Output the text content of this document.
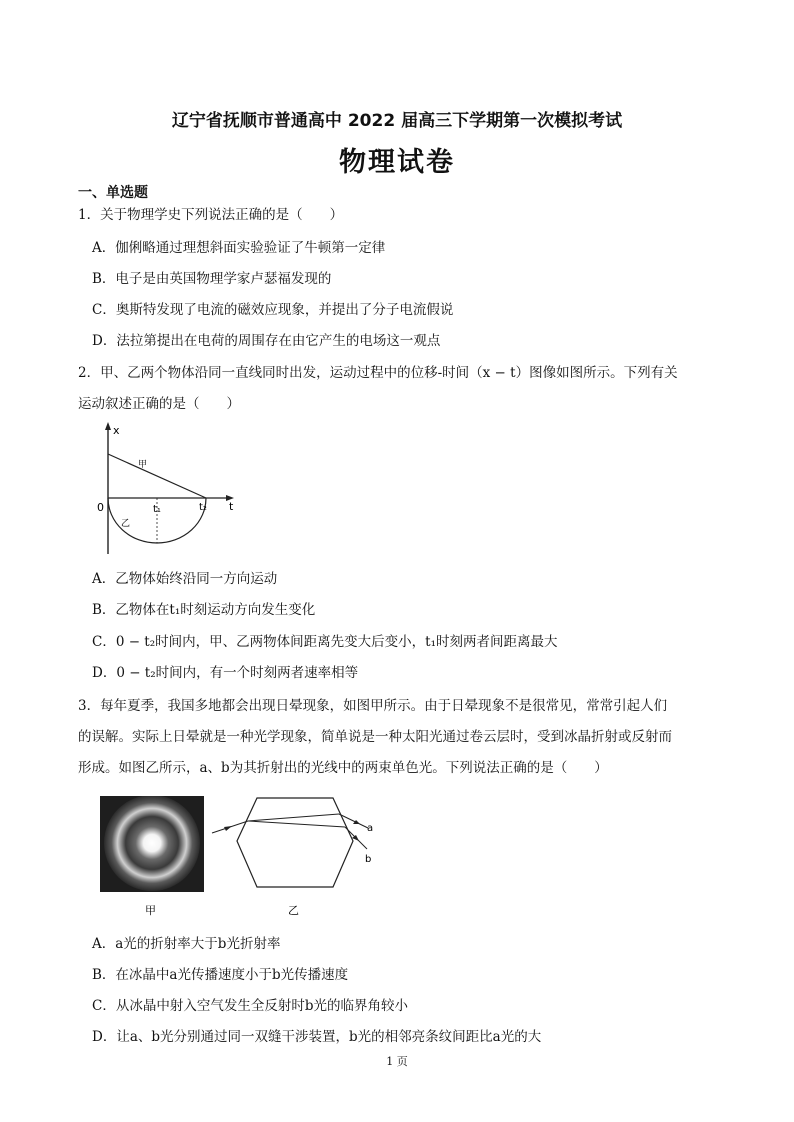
辽宁省抚顺市普通高中 2022 届高三下学期第一次模拟考试
物理试卷
一、单选题
1．关于物理学史下列说法正确的是（　　）
A．伽俐略通过理想斜面实验验证了牛顿第一定律
B．电子是由英国物理学家卢瑟福发现的
C．奥斯特发现了电流的磁效应现象，并提出了分子电流假说
D．法拉第提出在电荷的周围存在由它产生的电场这一观点
2．甲、乙两个物体沿同一直线同时出发，运动过程中的位移-时间（x − t）图像如图所示。下列有关
运动叙述正确的是（　　）
x
0	t
t₁	t₂
甲
乙
A．乙物体始终沿同一方向运动
B．乙物体在t₁时刻运动方向发生变化
C．0 − t₂时间内，甲、乙两物体间距离先变大后变小，t₁时刻两者间距离最大
D．0 − t₂时间内，有一个时刻两者速率相等
3．每年夏季，我国多地都会出现日晕现象，如图甲所示。由于日晕现象不是很常见，常常引起人们
的误解。实际上日晕就是一种光学现象，简单说是一种太阳光通过卷云层时，受到冰晶折射或反射而
形成。如图乙所示，a、b为其折射出的光线中的两束单色光。下列说法正确的是（　　）
甲
a
b
乙
A．a光的折射率大于b光折射率
B．在冰晶中a光传播速度小于b光传播速度
C．从冰晶中射入空气发生全反射时b光的临界角较小
D．让a、b光分别通过同一双缝干涉装置，b光的相邻亮条纹间距比a光的大
1 页
